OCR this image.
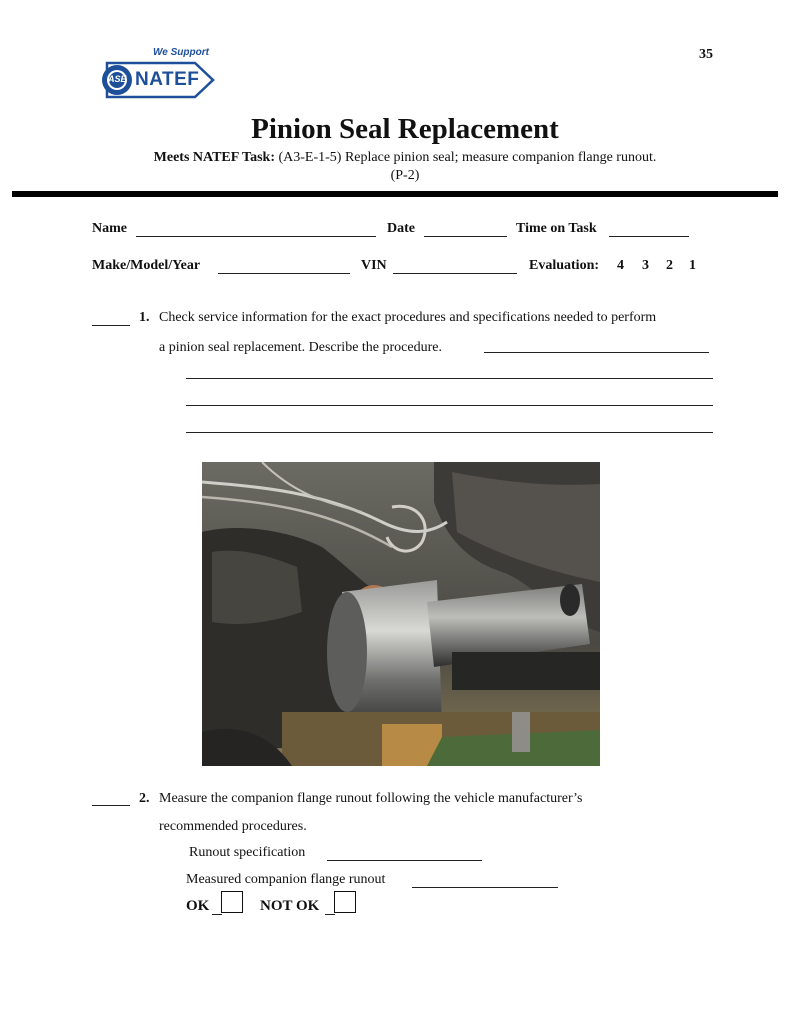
We Support
ASE NATEF
35
Pinion Seal Replacement
Meets NATEF Task: (A3-E-1-5) Replace pinion seal; measure companion flange runout.
(P-2)
Name	Date	Time on Task
Make/Model/Year	VIN	Evaluation: 4 3 2 1
1. Check service information for the exact procedures and specifications needed to perform
a pinion seal replacement. Describe the procedure.
2. Measure the companion flange runout following the vehicle manufacturer’s
recommended procedures.
Runout specification
Measured companion flange runout
OK	NOT OK
